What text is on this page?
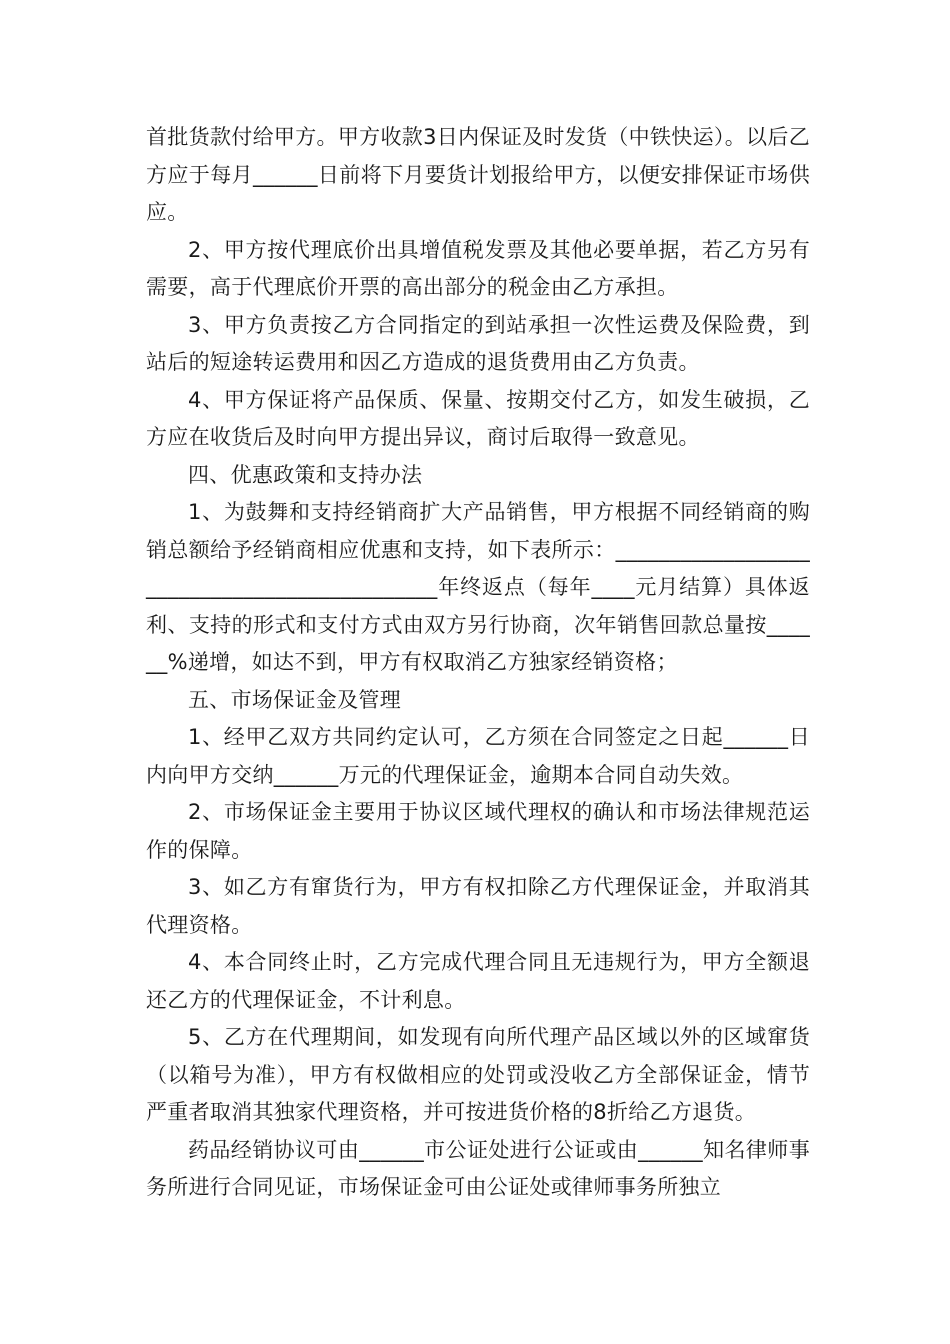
首批货款付给甲方。甲方收款3日内保证及时发货（中铁快运）。以后乙方应于每月______日前将下月要货计划报给甲方，以便安排保证市场供应。

2、甲方按代理底价出具增值税发票及其他必要单据，若乙方另有需要，高于代理底价开票的高出部分的税金由乙方承担。

3、甲方负责按乙方合同指定的到站承担一次性运费及保险费，到站后的短途转运费用和因乙方造成的退货费用由乙方负责。

4、甲方保证将产品保质、保量、按期交付乙方，如发生破损，乙方应在收货后及时向甲方提出异议，商讨后取得一致意见。

四、优惠政策和支持办法

1、为鼓舞和支持经销商扩大产品销售，甲方根据不同经销商的购销总额给予经销商相应优惠和支持，如下表所示：_____________________________________________年终返点（每年____元月结算）具体返利、支持的形式和支付方式由双方另行协商，次年销售回款总量按______%递增，如达不到，甲方有权取消乙方独家经销资格；

五、市场保证金及管理

1、经甲乙双方共同约定认可，乙方须在合同签定之日起______日内向甲方交纳______万元的代理保证金，逾期本合同自动失效。

2、市场保证金主要用于协议区域代理权的确认和市场法律规范运作的保障。

3、如乙方有窜货行为，甲方有权扣除乙方代理保证金，并取消其代理资格。

4、本合同终止时，乙方完成代理合同且无违规行为，甲方全额退还乙方的代理保证金，不计利息。

5、乙方在代理期间，如发现有向所代理产品区域以外的区域窜货（以箱号为准），甲方有权做相应的处罚或没收乙方全部保证金，情节严重者取消其独家代理资格，并可按进货价格的8折给乙方退货。

药品经销协议可由______市公证处进行公证或由______知名律师事务所进行合同见证，市场保证金可由公证处或律师事务所独立
